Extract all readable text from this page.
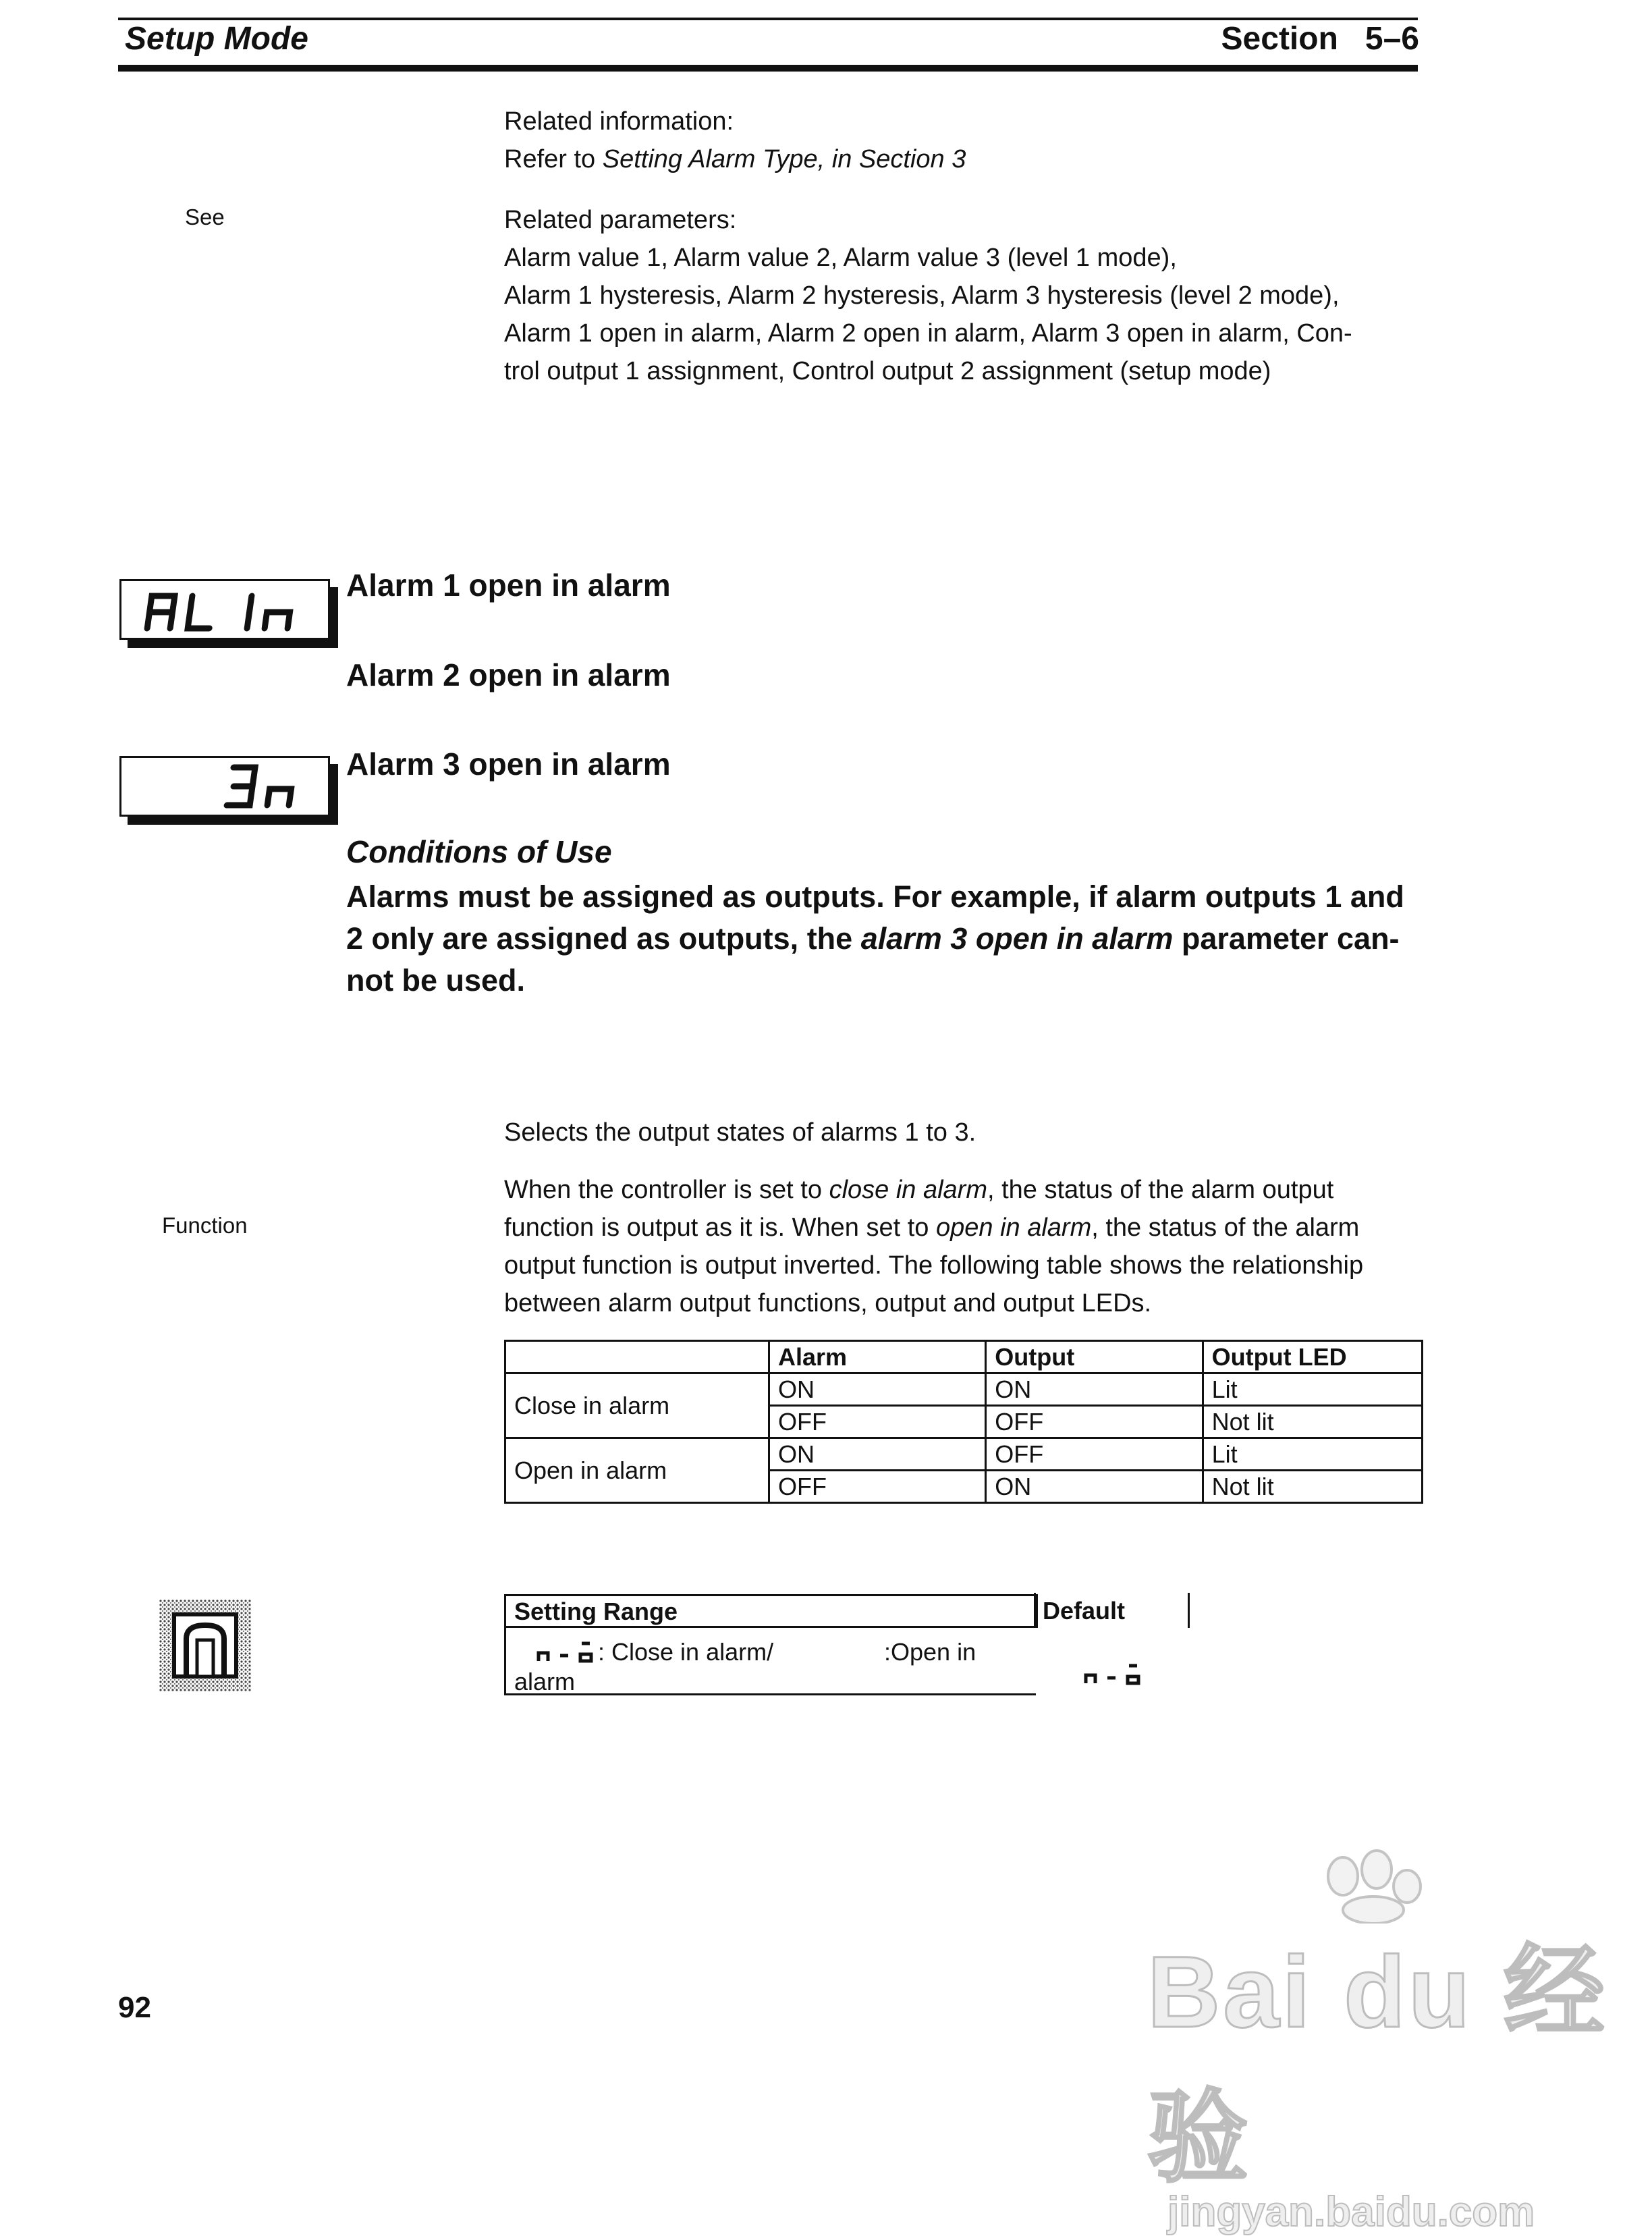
Setup Mode	Section   5–6
Related information:
Refer to Setting Alarm Type, in Section 3
See	Related parameters:
Alarm value 1, Alarm value 2, Alarm value 3 (level 1 mode),
Alarm 1 hysteresis, Alarm 2 hysteresis, Alarm 3 hysteresis (level 2 mode),
Alarm 1 open in alarm, Alarm 2 open in alarm, Alarm 3 open in alarm, Con-
trol output 1 assignment, Control output 2 assignment (setup mode)
Alarm 1 open in alarm
Alarm 2 open in alarm
Alarm 3 open in alarm
Conditions of Use
Alarms must be assigned as outputs. For example, if alarm outputs 1 and
2 only are assigned as outputs, the alarm 3 open in alarm parameter can-
not be used.
Function
Selects the output states of alarms 1 to 3.
When the controller is set to close in alarm, the status of the alarm output
function is output as it is. When set to open in alarm, the status of the alarm
output function is output inverted. The following table shows the relationship
between alarm output functions, output and output LEDs.
	Alarm	Output	Output LED
Close in alarm	ON	ON	Lit
	OFF	OFF	Not lit
Open in alarm	ON	OFF	Lit
	OFF	ON	Not lit
Setting Range	Default
: Close in alarm/	:Open in
alarm
92	Bai du 经验
jingyan.baidu.com
